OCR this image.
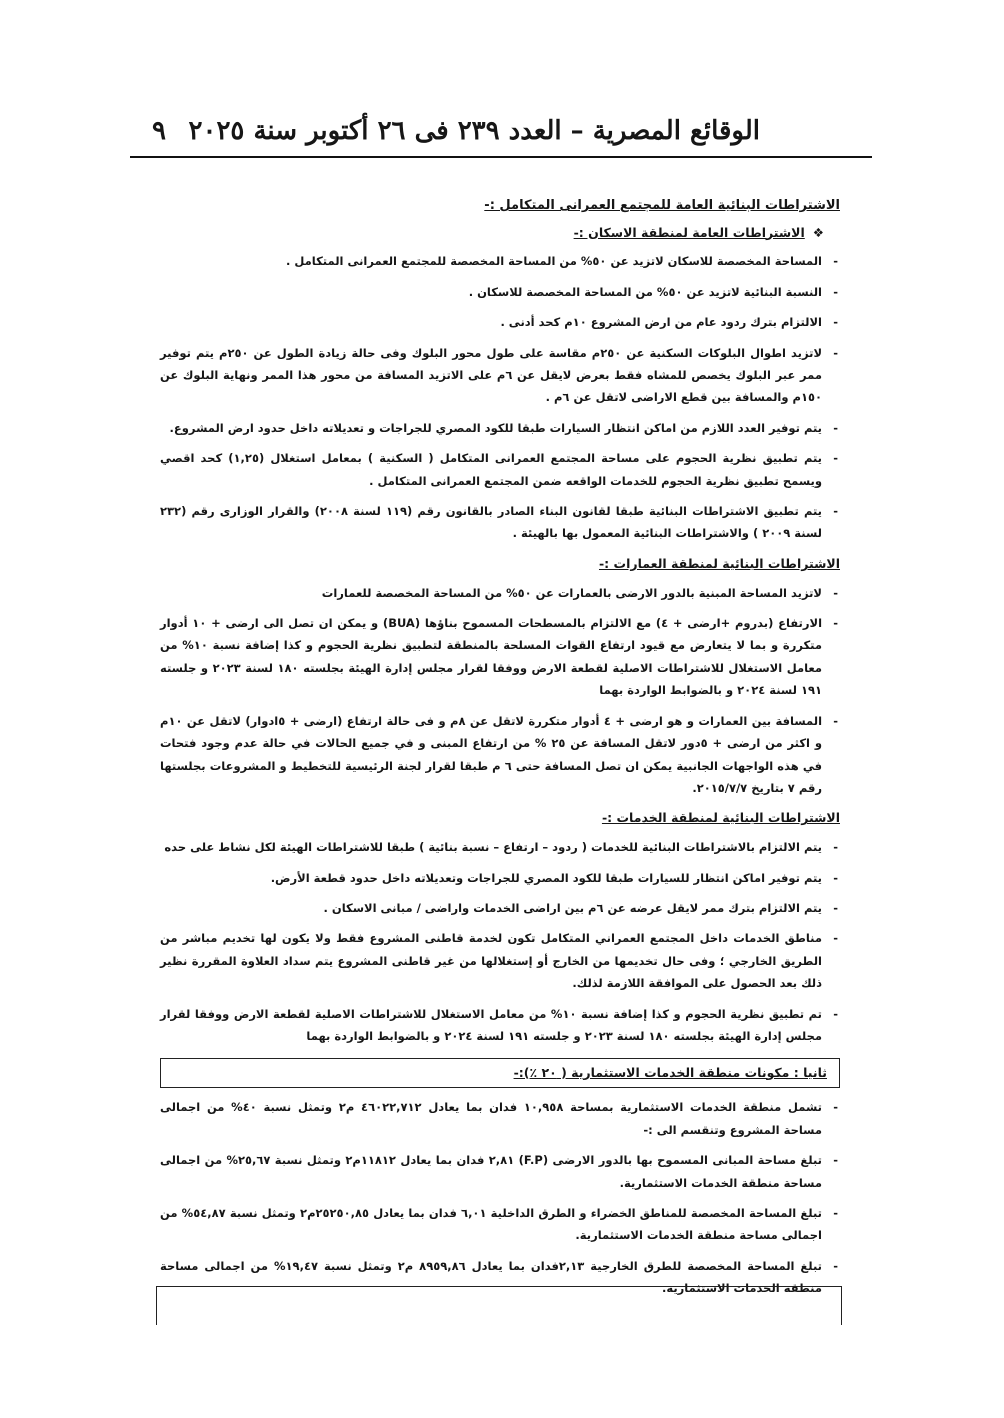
الوقائع المصرية – العدد ٢٣٩ فى ٢٦ أكتوبر سنة ٢٠٢٥
٩
الاشتراطات البنائية العامة للمجتمع العمرانى المتكامل :-
❖الاشتراطات العامة لمنطقة الاسكان :-
- المساحة المخصصة للاسكان لاتزيد عن ٥٠% من المساحة المخصصة للمجتمع العمرانى المتكامل .
- النسبة البنائية لاتزيد عن ٥٠% من المساحة المخصصة للاسكان .
- الالتزام بترك ردود عام من ارض المشروع ١٠م كحد أدنى .
- لاتزيد اطوال البلوكات السكنية عن ٢٥٠م مقاسة على طول محور البلوك وفى حالة زيادة الطول عن ٢٥٠م يتم توفير ممر عبر البلوك يخصص للمشاه فقط بعرض لايقل عن ٦م على الاتزيد المسافة من محور هذا الممر ونهاية البلوك عن ١٥٠م والمسافة بين قطع الاراضى لاتقل عن ٦م .
- يتم توفير العدد اللازم من اماكن انتظار السيارات طبقا للكود المصري للجراجات و تعديلاته داخل حدود ارض المشروع.
- يتم تطبيق نظرية الحجوم على مساحة المجتمع العمرانى المتكامل ( السكنية ) بمعامل استغلال (١,٢٥) كحد اقصي ويسمح تطبيق نظرية الحجوم للخدمات الواقعه ضمن المجتمع العمرانى المتكامل .
- يتم تطبيق الاشتراطات البنائية طبقا لقانون البناء الصادر بالقانون رقم (١١٩ لسنة ٢٠٠٨) والقرار الوزارى رقم (٢٣٢ لسنة ٢٠٠٩ ) والاشتراطات البنائية المعمول بها بالهيئة .
الاشتراطات البنائية لمنطقة العمارات :-
- لاتزيد المساحة المبنية بالدور الارضى بالعمارات عن ٥٠% من المساحة المخصصة للعمارات
- الارتفاع (بدروم +ارضى + ٤) مع الالتزام بالمسطحات المسموح بناؤها (BUA) و يمكن ان تصل الى ارضى + ١٠ أدوار متكررة و بما لا يتعارض مع قيود ارتفاع القوات المسلحة بالمنطقة لتطبيق نظرية الحجوم و كذا إضافة نسبة ١٠% من معامل الاستغلال للاشتراطات الاصلية لقطعة الارض ووفقا لقرار مجلس إدارة الهيئة بجلسته ١٨٠ لسنة ٢٠٢٣ و جلسته ١٩١ لسنة ٢٠٢٤ و بالضوابط الواردة بهما
- المسافة بين العمارات و هو ارضى + ٤ أدوار متكررة لاتقل عن ٨م و فى حالة ارتفاع (ارضى + ٥ادوار) لاتقل عن ١٠م و اكثر من ارضى + ٥دور لاتقل المسافة عن ٢٥ % من ارتفاع المبنى و في جميع الحالات في حالة عدم وجود فتحات في هذه الواجهات الجانبية يمكن ان تصل المسافة حتى ٦ م طبقا لقرار لجنة الرئيسية للتخطيط و المشروعات بجلستها رقم ٧ بتاريخ ٢٠١٥/٧/٧.
الاشتراطات البنائية لمنطقة الخدمات :-
- يتم الالتزام بالاشتراطات البنائية للخدمات ( ردود – ارتفاع – نسبة بنائية ) طبقا للاشتراطات الهيئة لكل نشاط على حده
- يتم توفير اماكن انتظار للسيارات طبقا للكود المصري للجراجات وتعديلاته داخل حدود قطعة الأرض.
- يتم الالتزام بترك ممر لايقل عرضه عن ٦م بين اراضى الخدمات واراضى / مبانى الاسكان .
- مناطق الخدمات داخل المجتمع العمراني المتكامل تكون لخدمة قاطنى المشروع فقط ولا يكون لها تخديم مباشر من الطريق الخارجي ؛ وفى حال تخديمها من الخارج أو إستغلالها من غير قاطنى المشروع يتم سداد العلاوة المقررة نظير ذلك بعد الحصول على الموافقة اللازمة لذلك.
- تم تطبيق نظرية الحجوم و كذا إضافة نسبة ١٠% من معامل الاستغلال للاشتراطات الاصلية لقطعة الارض ووفقا لقرار مجلس إدارة الهيئة بجلسته ١٨٠ لسنة ٢٠٢٣ و جلسته ١٩١ لسنة ٢٠٢٤ و بالضوابط الواردة بهما
ثانيا : مكونات منطقة الخدمات الاستثمارية ( ٢٠ ٪):-
- تشمل منطقة الخدمات الاستثمارية بمساحة ١٠,٩٥٨ فدان بما يعادل ٤٦٠٢٢,٧١٢ م٢ وتمثل نسبة ٤٠% من اجمالى مساحة المشروع وتنقسم الى :-
- تبلغ مساحة المبانى المسموح بها بالدور الارضى (F.P) ٢,٨١ فدان بما يعادل ١١٨١٢م٢ وتمثل نسبة ٢٥,٦٧% من اجمالى مساحة منطقة الخدمات الاستثمارية.
- تبلغ المساحة المخصصة للمناطق الخضراء و الطرق الداخلية ٦,٠١ فدان بما يعادل ٢٥٢٥٠,٨٥م٢ وتمثل نسبة ٥٤,٨٧% من اجمالى مساحة منطقة الخدمات الاستثمارية.
- تبلغ المساحة المخصصة للطرق الخارجية ٢,١٣فدان بما يعادل ٨٩٥٩,٨٦ م٢ وتمثل نسبة ١٩,٤٧% من اجمالى مساحة منطقة الخدمات الاستثمارية.
